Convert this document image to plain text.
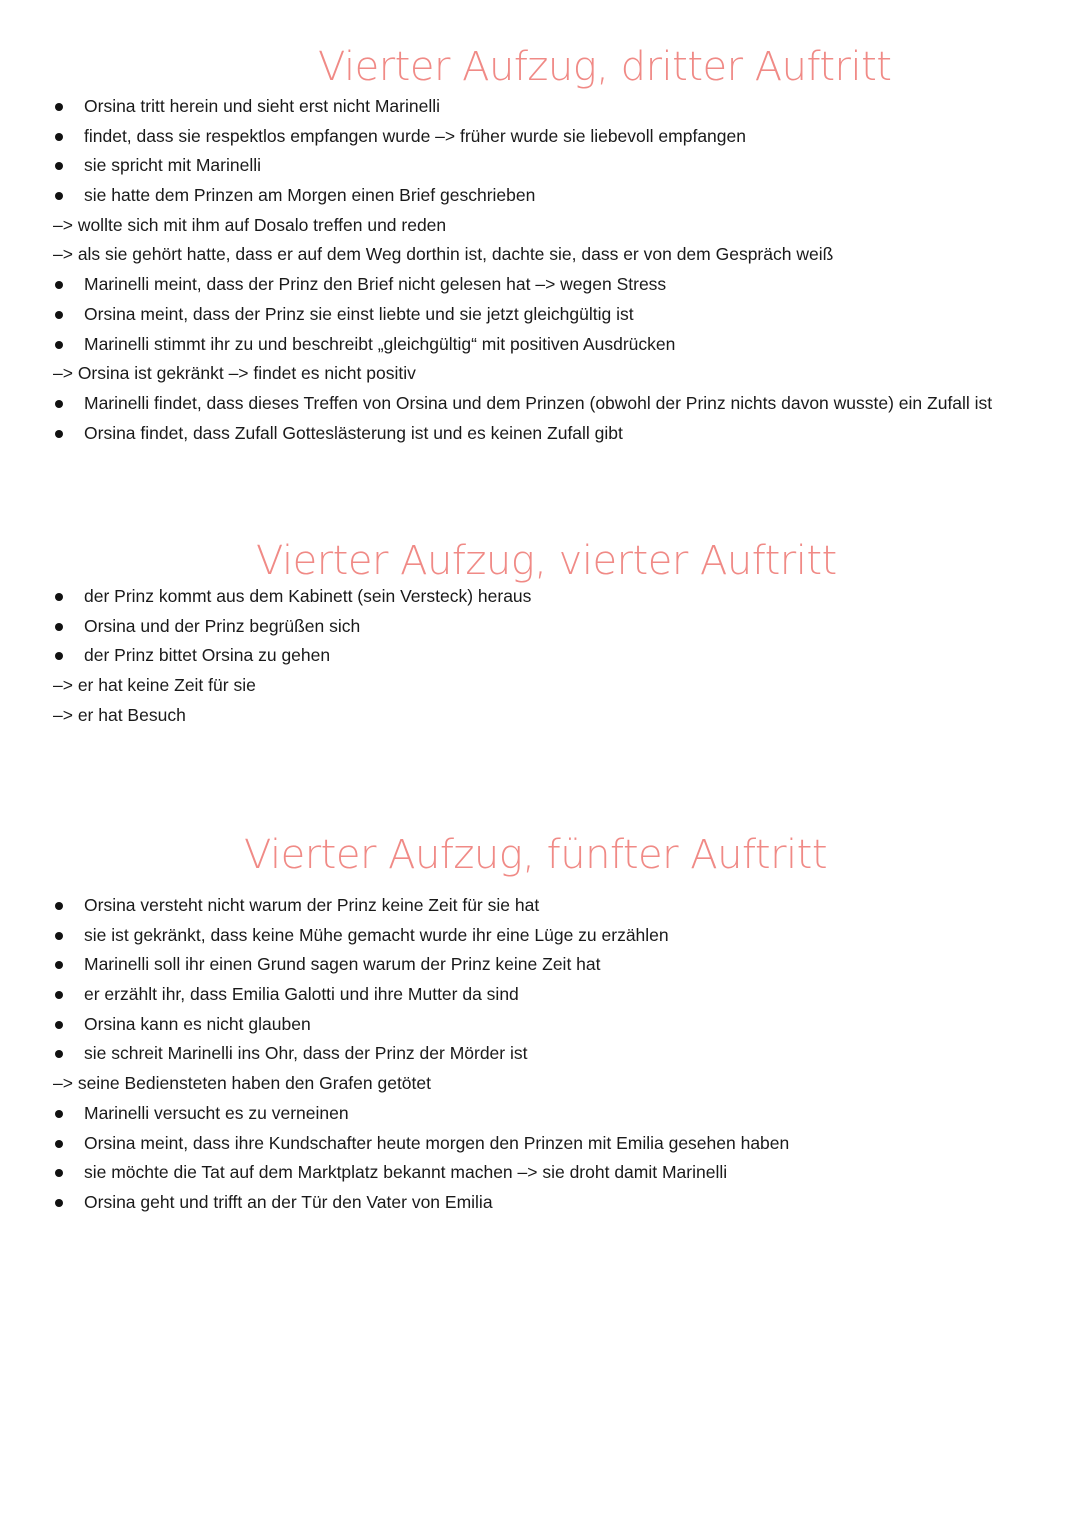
Vierter Aufzug, dritter Auftritt
Orsina tritt herein und sieht erst nicht Marinelli
findet, dass sie respektlos empfangen wurde –> früher wurde sie liebevoll empfangen
sie spricht mit Marinelli
sie hatte dem Prinzen am Morgen einen Brief geschrieben
–> wollte sich mit ihm auf Dosalo treffen und reden
–> als sie gehört hatte, dass er auf dem Weg dorthin ist, dachte sie, dass er von dem Gespräch weiß
Marinelli meint, dass der Prinz den Brief nicht gelesen hat –> wegen Stress
Orsina meint, dass der Prinz sie einst liebte und sie jetzt gleichgültig ist
Marinelli stimmt ihr zu und beschreibt „gleichgültig“ mit positiven Ausdrücken
–> Orsina ist gekränkt –> findet es nicht positiv
Marinelli findet, dass dieses Treffen von Orsina und dem Prinzen (obwohl der Prinz nichts davon wusste) ein Zufall ist
Orsina findet, dass Zufall Gotteslästerung ist und es keinen Zufall gibt
Vierter Aufzug, vierter Auftritt
der Prinz kommt aus dem Kabinett (sein Versteck) heraus
Orsina und der Prinz begrüßen sich
der Prinz bittet Orsina zu gehen
–> er hat keine Zeit für sie
–> er hat Besuch
Vierter Aufzug, fünfter Auftritt
Orsina versteht nicht warum der Prinz keine Zeit für sie hat
sie ist gekränkt, dass keine Mühe gemacht wurde ihr eine Lüge zu erzählen
Marinelli soll ihr einen Grund sagen warum der Prinz keine Zeit hat
er erzählt ihr, dass Emilia Galotti und ihre Mutter da sind
Orsina kann es nicht glauben
sie schreit Marinelli ins Ohr, dass der Prinz der Mörder ist
–> seine Bediensteten haben den Grafen getötet
Marinelli versucht es zu verneinen
Orsina meint, dass ihre Kundschafter heute morgen den Prinzen mit Emilia gesehen haben
sie möchte die Tat auf dem Marktplatz bekannt machen –> sie droht damit Marinelli
Orsina geht und trifft an der Tür den Vater von Emilia
